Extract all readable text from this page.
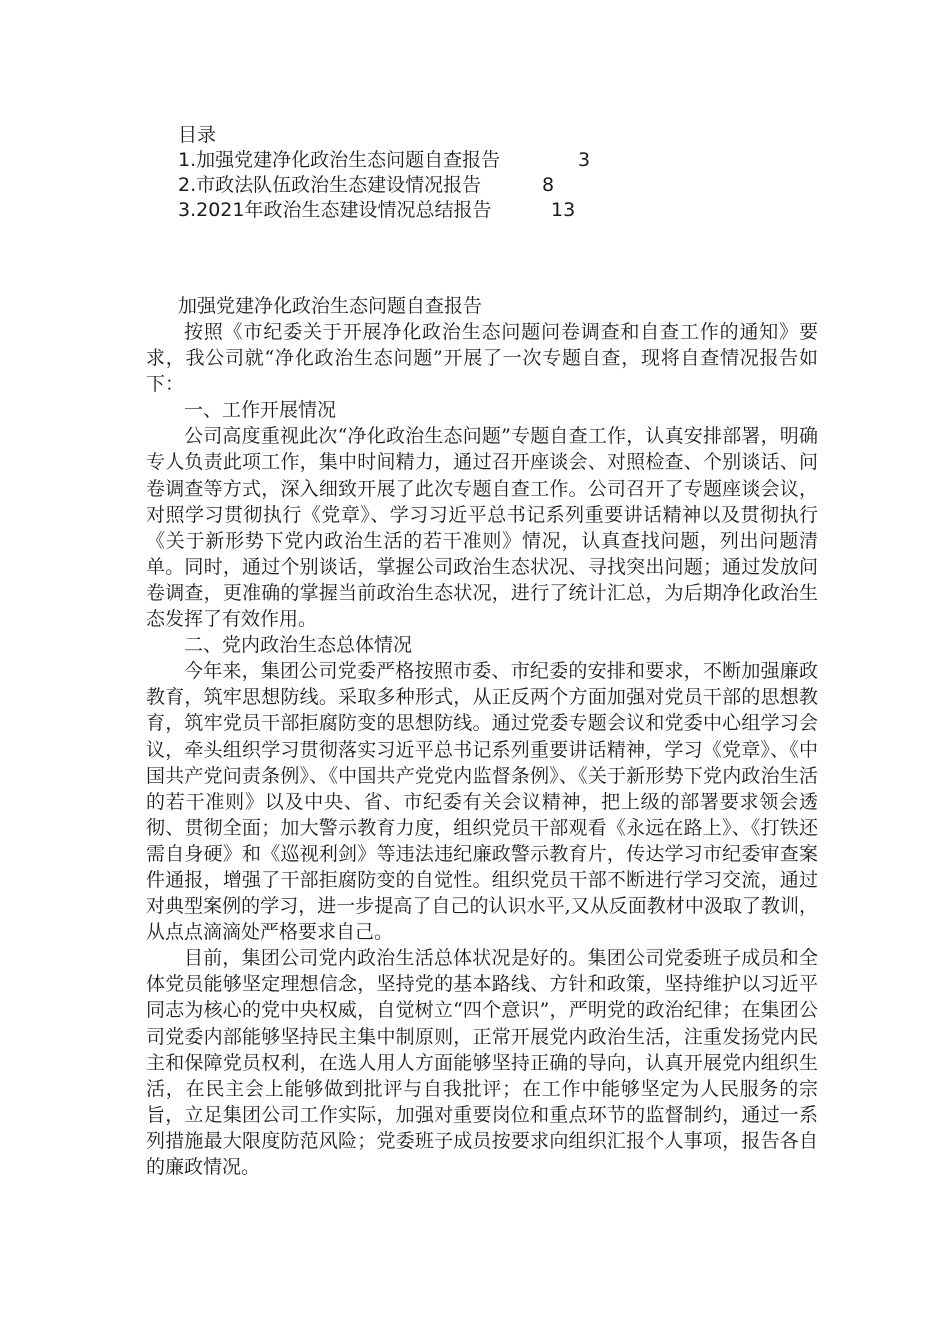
目录
1.加强党建净化政治生态问题自查报告	3
2.市政法队伍政治生态建设情况报告	8
3.2021年政治生态建设情况总结报告	13
加强党建净化政治生态问题自查报告

按照《市纪委关于开展净化政治生态问题问卷调查和自查工作的通知》要求，我公司就“净化政治生态问题”开展了一次专题自查，现将自查情况报告如下：

一、工作开展情况

公司高度重视此次“净化政治生态问题”专题自查工作，认真安排部署，明确专人负责此项工作，集中时间精力，通过召开座谈会、对照检查、个别谈话、问卷调查等方式，深入细致开展了此次专题自查工作。公司召开了专题座谈会议，对照学习贯彻执行《党章》、学习习近平总书记系列重要讲话精神以及贯彻执行《关于新形势下党内政治生活的若干准则》情况，认真查找问题，列出问题清单。同时，通过个别谈话，掌握公司政治生态状况、寻找突出问题；通过发放问卷调查，更准确的掌握当前政治生态状况，进行了统计汇总，为后期净化政治生态发挥了有效作用。

二、党内政治生态总体情况

今年来，集团公司党委严格按照市委、市纪委的安排和要求，不断加强廉政教育，筑牢思想防线。采取多种形式，从正反两个方面加强对党员干部的思想教育，筑牢党员干部拒腐防变的思想防线。通过党委专题会议和党委中心组学习会议，牵头组织学习贯彻落实习近平总书记系列重要讲话精神，学习《党章》、《中国共产党问责条例》、《中国共产党党内监督条例》、《关于新形势下党内政治生活的若干准则》以及中央、省、市纪委有关会议精神，把上级的部署要求领会透彻、贯彻全面；加大警示教育力度，组织党员干部观看《永远在路上》、《打铁还需自身硬》和《巡视利剑》等违法违纪廉政警示教育片，传达学习市纪委审查案件通报，增强了干部拒腐防变的自觉性。组织党员干部不断进行学习交流，通过对典型案例的学习，进一步提高了自己的认识水平,又从反面教材中汲取了教训，从点点滴滴处严格要求自己。

目前，集团公司党内政治生活总体状况是好的。集团公司党委班子成员和全体党员能够坚定理想信念，坚持党的基本路线、方针和政策，坚持维护以习近平同志为核心的党中央权威，自觉树立“四个意识”，严明党的政治纪律；在集团公司党委内部能够坚持民主集中制原则，正常开展党内政治生活，注重发扬党内民主和保障党员权利，在选人用人方面能够坚持正确的导向，认真开展党内组织生活，在民主会上能够做到批评与自我批评；在工作中能够坚定为人民服务的宗旨，立足集团公司工作实际，加强对重要岗位和重点环节的监督制约，通过一系列措施最大限度防范风险；党委班子成员按要求向组织汇报个人事项，报告各自的廉政情况。
